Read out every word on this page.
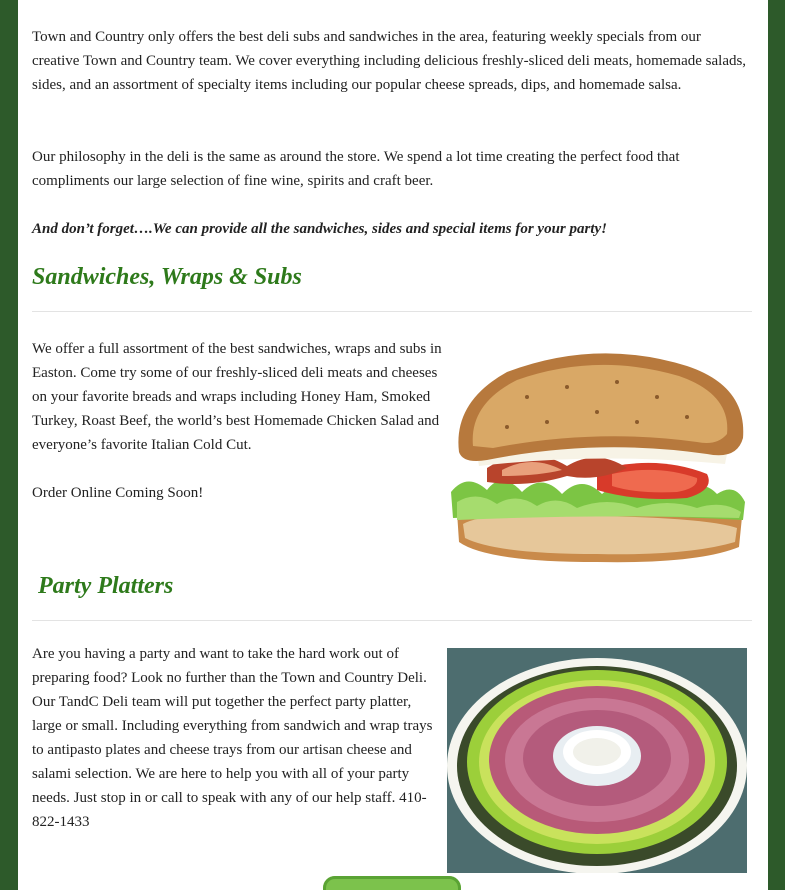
Town and Country only offers the best deli subs and sandwiches in the area, featuring weekly specials from our creative Town and Country team. We cover everything including delicious freshly-sliced deli meats, homemade salads, sides, and an assortment of specialty items including our popular cheese spreads, dips, and homemade salsa.

Our philosophy in the deli is the same as around the store. We spend a lot time creating the perfect food that compliments our large selection of fine wine, spirits and craft beer.

And don’t forget….We can provide all the sandwiches, sides and special items for your party!

Sandwiches, Wraps & Subs

We offer a full assortment of the best sandwiches, wraps and subs in Easton. Come try some of our freshly-sliced deli meats and cheeses on your favorite breads and wraps including Honey Ham, Smoked Turkey, Roast Beef, the world’s best Homemade Chicken Salad and everyone’s favorite Italian Cold Cut.

Order Online Coming Soon!

Party Platters

Are you having a party and want to take the hard work out of preparing food? Look no further than the Town and Country Deli. Our TandC Deli team will put together the perfect party platter, large or small. Including everything from sandwich and wrap trays to antipasto plates and cheese trays from our artisan cheese and salami selection. We are here to help you with all of your party needs. Just stop in or call to speak with any of our help staff. 410-822-1433
